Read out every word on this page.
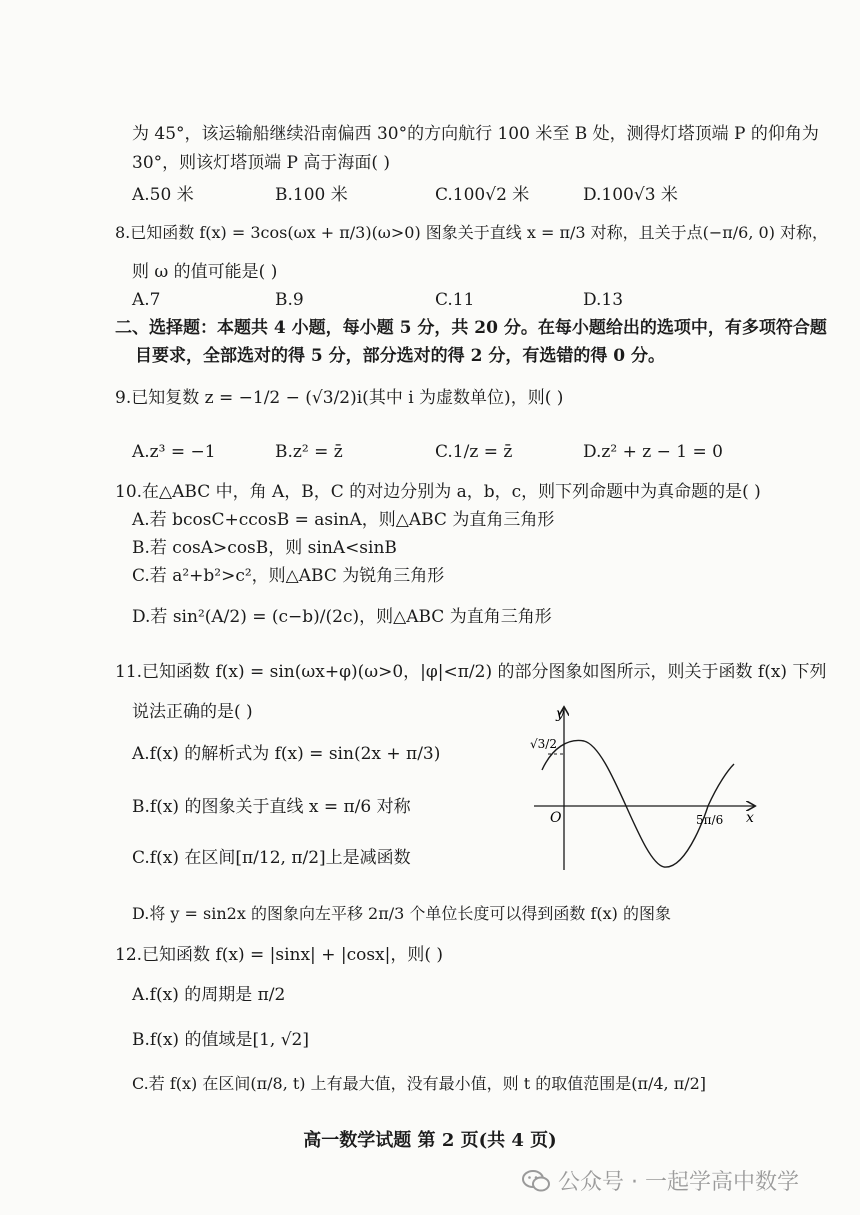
为 45°，该运输船继续沿南偏西 30°的方向航行 100 米至 B 处，测得灯塔顶端 P 的仰角为
30°，则该灯塔顶端 P 高于海面( )
A.50 米	B.100 米	C.100√2 米	D.100√3 米
8.已知函数 f(x) = 3cos(ωx + π/3)(ω>0) 图象关于直线 x = π/3 对称，且关于点(−π/6, 0) 对称，
则 ω 的值可能是( )
A.7	B.9	C.11	D.13
二、选择题：本题共 4 小题，每小题 5 分，共 20 分。在每小题给出的选项中，有多项符合题
目要求，全部选对的得 5 分，部分选对的得 2 分，有选错的得 0 分。
9.已知复数 z = −1/2 − (√3/2)i(其中 i 为虚数单位)，则( )
A.z³ = −1	B.z² = z̄	C.1/z = z̄	D.z² + z − 1 = 0
10.在△ABC 中，角 A，B，C 的对边分别为 a，b，c，则下列命题中为真命题的是( )
A.若 bcosC+ccosB = asinA，则△ABC 为直角三角形
B.若 cosA>cosB，则 sinA<sinB
C.若 a²+b²>c²，则△ABC 为锐角三角形
D.若 sin²(A/2) = (c−b)/(2c)，则△ABC 为直角三角形
11.已知函数 f(x) = sin(ωx+φ)(ω>0，|φ|<π/2) 的部分图象如图所示，则关于函数 f(x) 下列
说法正确的是( )
A.f(x) 的解析式为 f(x) = sin(2x + π/3)
B.f(x) 的图象关于直线 x = π/6 对称
C.f(x) 在区间[π/12, π/2]上是减函数
D.将 y = sin2x 的图象向左平移 2π/3 个单位长度可以得到函数 f(x) 的图象
y
x
O
√3/2
5π/6
12.已知函数 f(x) = |sinx| + |cosx|，则( )
A.f(x) 的周期是 π/2
B.f(x) 的值域是[1, √2]
C.若 f(x) 在区间(π/8, t) 上有最大值，没有最小值，则 t 的取值范围是(π/4, π/2]
高一数学试题 第 2 页(共 4 页)
公众号 · 一起学高中数学
